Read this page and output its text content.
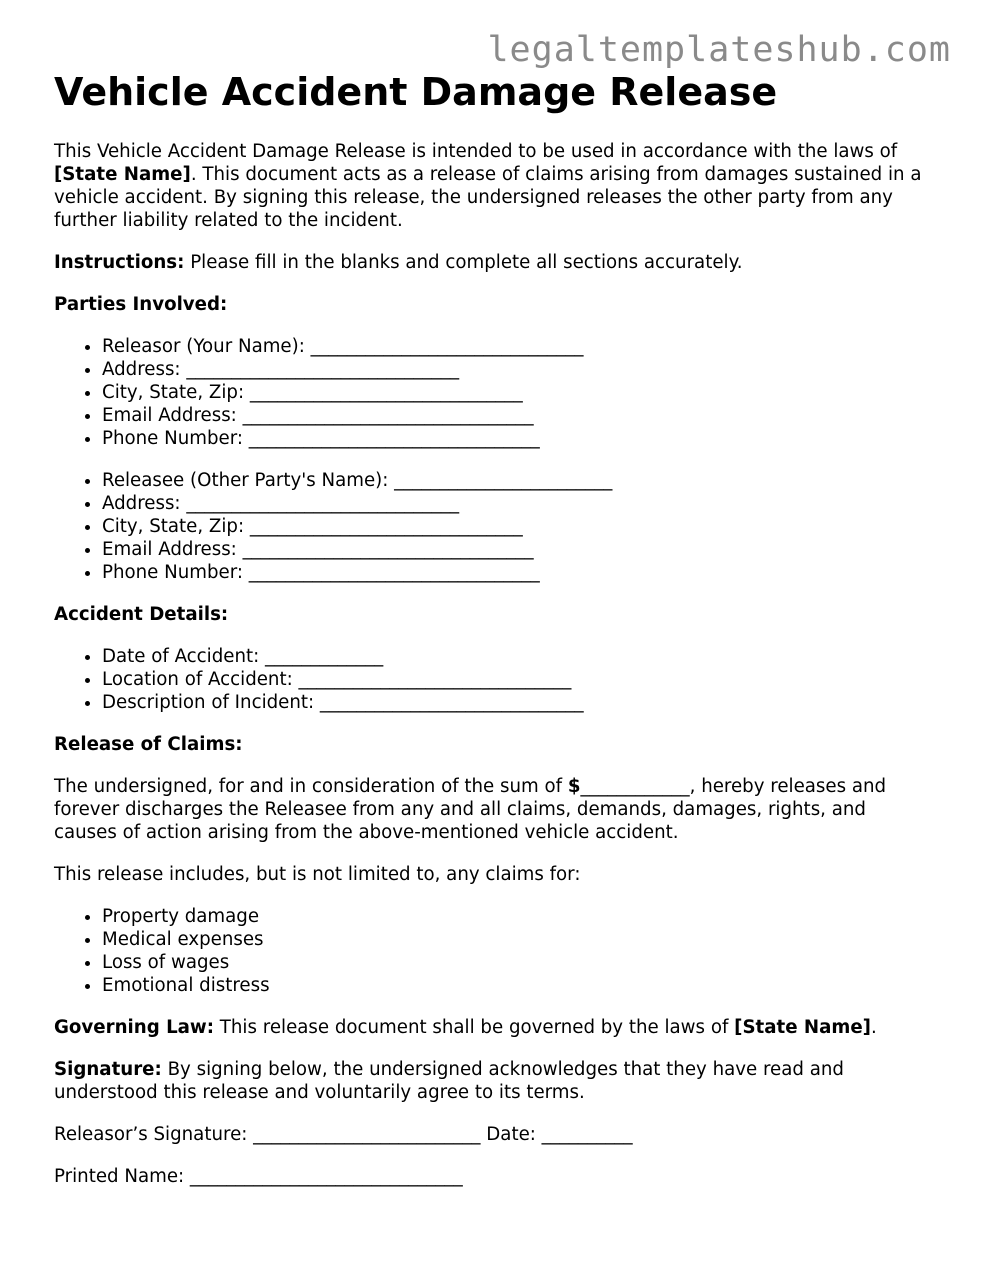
legaltemplateshub.com
Vehicle Accident Damage Release

This Vehicle Accident Damage Release is intended to be used in accordance with the laws of [State Name]. This document acts as a release of claims arising from damages sustained in a vehicle accident. By signing this release, the undersigned releases the other party from any further liability related to the incident.

Instructions: Please fill in the blanks and complete all sections accurately.

Parties Involved:

• Releasor (Your Name): ______________________________
• Address: ______________________________
• City, State, Zip: ______________________________
• Email Address: ________________________________
• Phone Number: ________________________________
• Releasee (Other Party's Name): ________________________
• Address: ______________________________
• City, State, Zip: ______________________________
• Email Address: ________________________________
• Phone Number: ________________________________

Accident Details:

• Date of Accident: _____________
• Location of Accident: ______________________________
• Description of Incident: _____________________________

Release of Claims:

The undersigned, for and in consideration of the sum of $____________, hereby releases and forever discharges the Releasee from any and all claims, demands, damages, rights, and causes of action arising from the above-mentioned vehicle accident.

This release includes, but is not limited to, any claims for:

• Property damage
• Medical expenses
• Loss of wages
• Emotional distress

Governing Law: This release document shall be governed by the laws of [State Name].

Signature: By signing below, the undersigned acknowledges that they have read and understood this release and voluntarily agree to its terms.

Releasor’s Signature: _________________________ Date: __________

Printed Name: ______________________________
